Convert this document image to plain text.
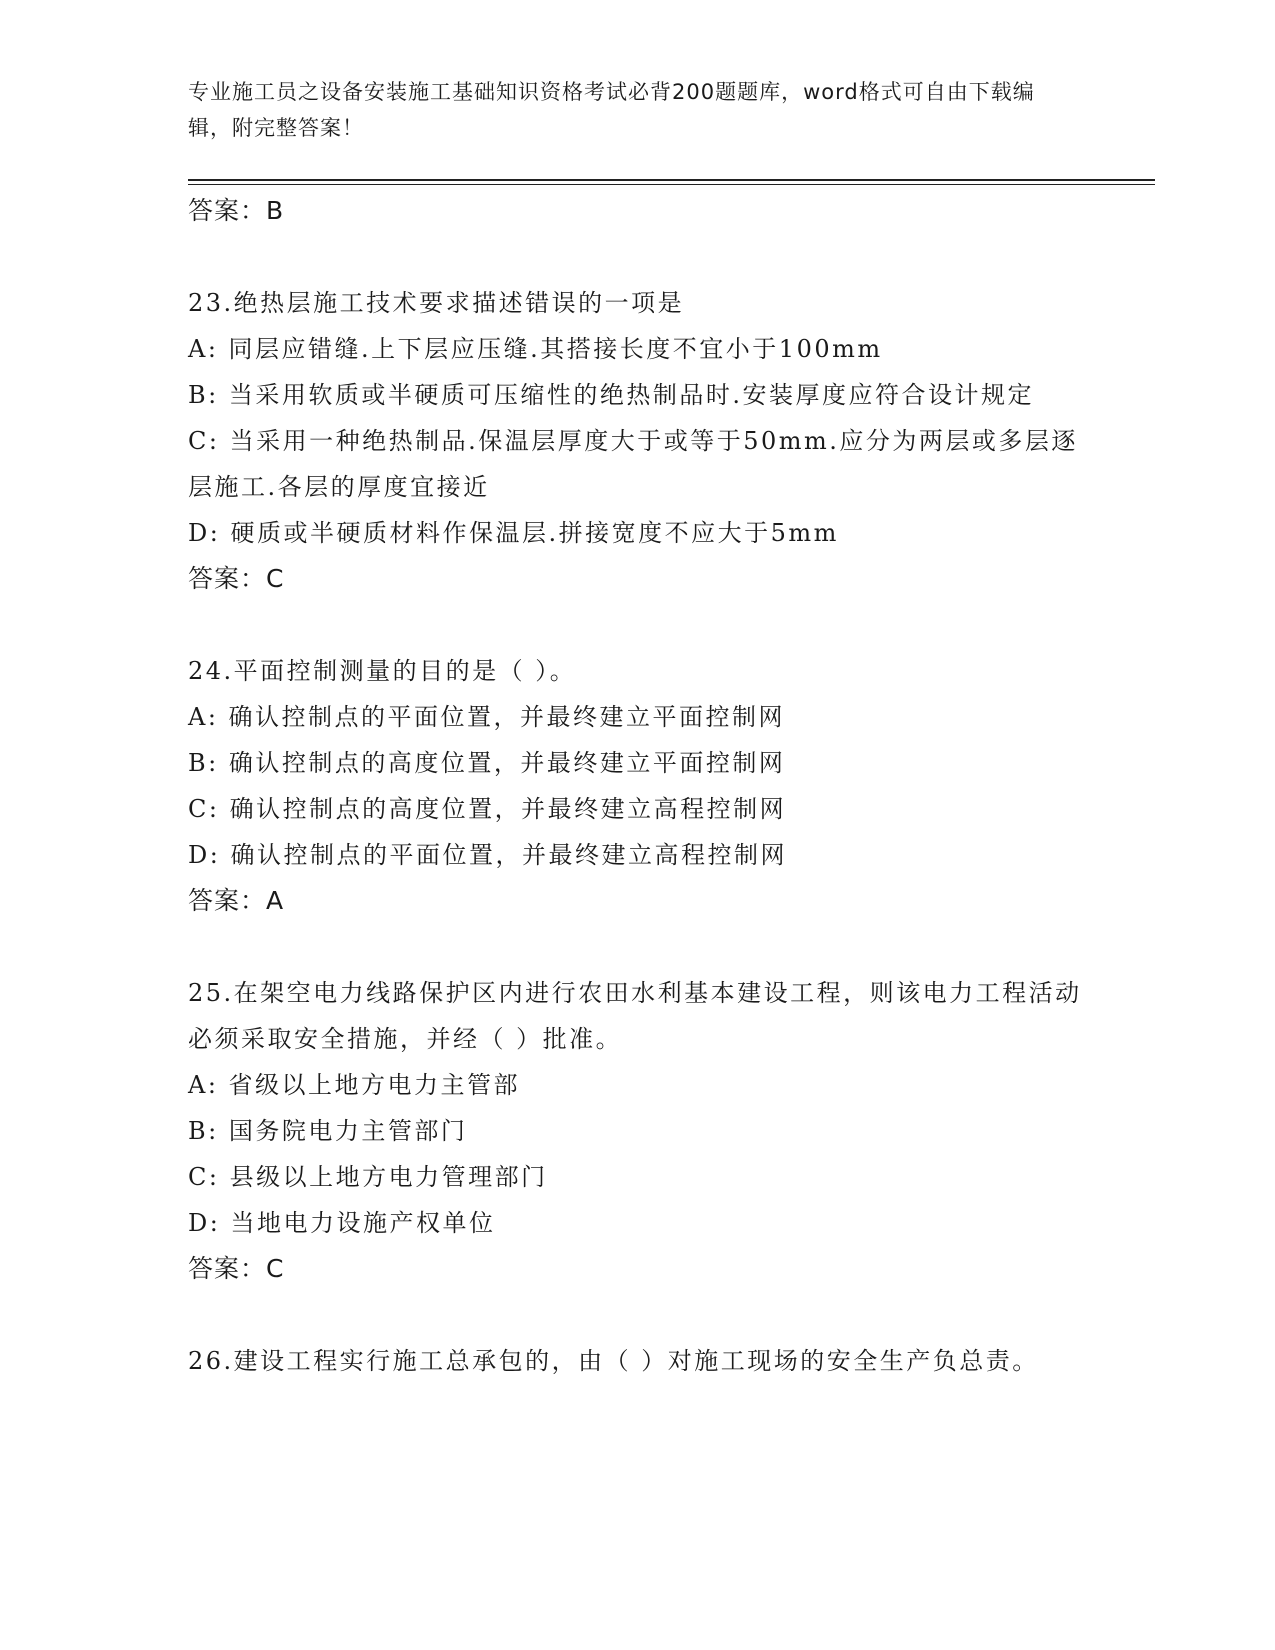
专业施工员之设备安装施工基础知识资格考试必背200题题库，word格式可自由下载编辑，附完整答案！
答案：B
23.绝热层施工技术要求描述错误的一项是
A: 同层应错缝.上下层应压缝.其搭接长度不宜小于100mm
B: 当采用软质或半硬质可压缩性的绝热制品时.安装厚度应符合设计规定
C: 当采用一种绝热制品.保温层厚度大于或等于50mm.应分为两层或多层逐层施工.各层的厚度宜接近
D: 硬质或半硬质材料作保温层.拼接宽度不应大于5mm
答案：C
24.平面控制测量的目的是（ ）。
A: 确认控制点的平面位置，并最终建立平面控制网
B: 确认控制点的高度位置，并最终建立平面控制网
C: 确认控制点的高度位置，并最终建立高程控制网
D: 确认控制点的平面位置，并最终建立高程控制网
答案：A
25.在架空电力线路保护区内进行农田水利基本建设工程，则该电力工程活动必须采取安全措施，并经（ ）批准。
A: 省级以上地方电力主管部
B: 国务院电力主管部门
C: 县级以上地方电力管理部门
D: 当地电力设施产权单位
答案：C
26.建设工程实行施工总承包的，由（ ）对施工现场的安全生产负总责。
